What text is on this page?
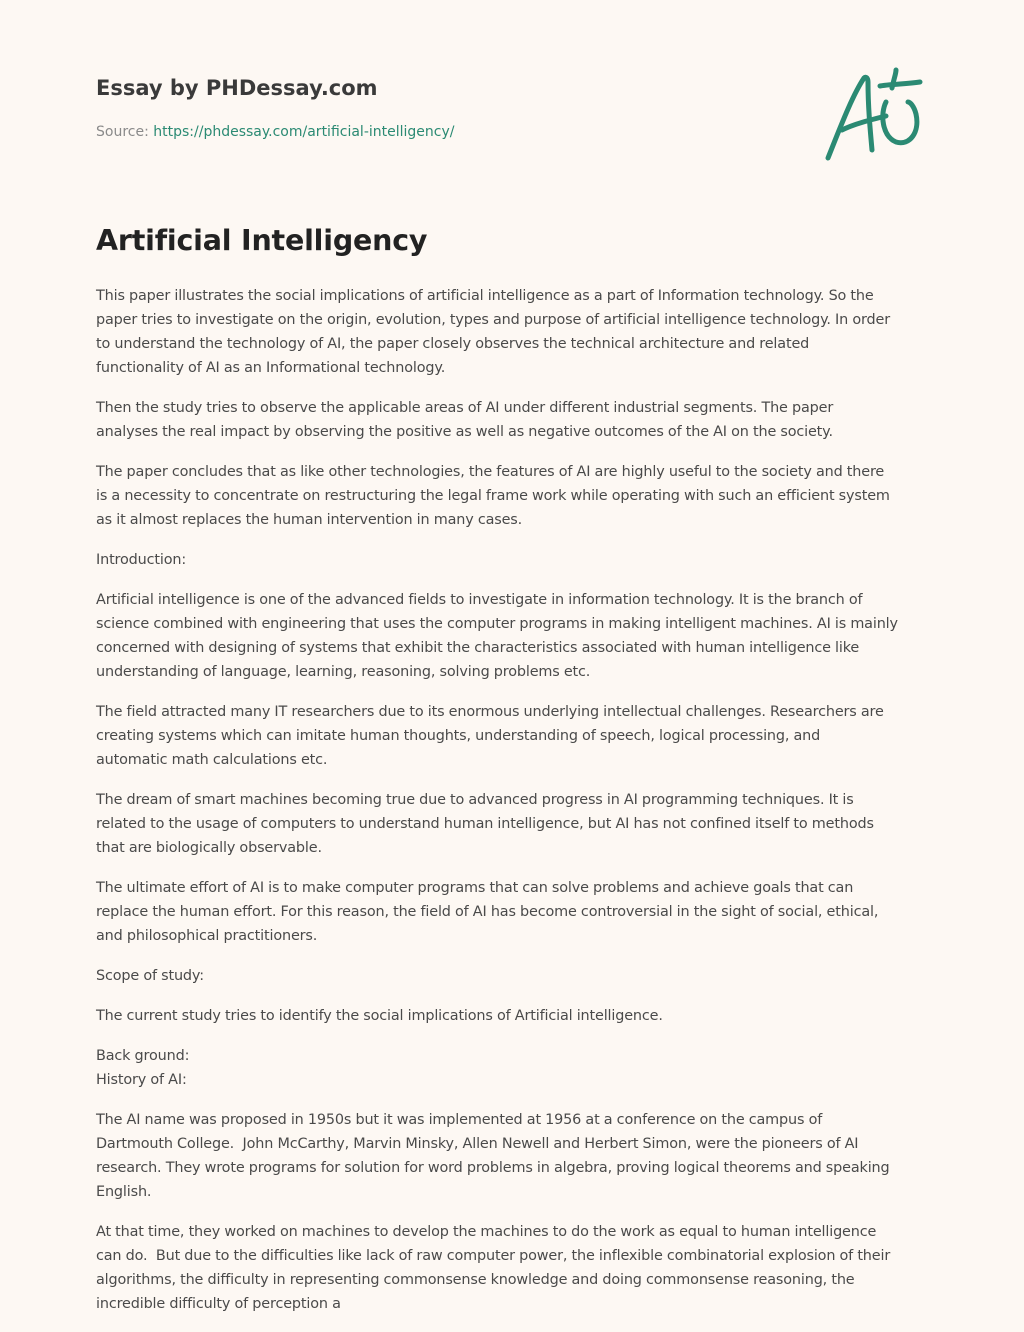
Essay by PHDessay.com
Source: https://phdessay.com/artificial-intelligency/
Artificial Intelligency

This paper illustrates the social implications of artificial intelligence as a part of Information technology. So the
paper tries to investigate on the origin, evolution, types and purpose of artificial intelligence technology. In order
to understand the technology of AI, the paper closely observes the technical architecture and related
functionality of AI as an Informational technology.

Then the study tries to observe the applicable areas of AI under different industrial segments. The paper
analyses the real impact by observing the positive as well as negative outcomes of the AI on the society.

The paper concludes that as like other technologies, the features of AI are highly useful to the society and there
is a necessity to concentrate on restructuring the legal frame work while operating with such an efficient system
as it almost replaces the human intervention in many cases.

Introduction:

Artificial intelligence is one of the advanced fields to investigate in information technology. It is the branch of
science combined with engineering that uses the computer programs in making intelligent machines. AI is mainly
concerned with designing of systems that exhibit the characteristics associated with human intelligence like
understanding of language, learning, reasoning, solving problems etc.

The field attracted many IT researchers due to its enormous underlying intellectual challenges. Researchers are
creating systems which can imitate human thoughts, understanding of speech, logical processing, and
automatic math calculations etc.

The dream of smart machines becoming true due to advanced progress in AI programming techniques. It is
related to the usage of computers to understand human intelligence, but AI has not confined itself to methods
that are biologically observable.

The ultimate effort of AI is to make computer programs that can solve problems and achieve goals that can
replace the human effort. For this reason, the field of AI has become controversial in the sight of social, ethical,
and philosophical practitioners.

Scope of study:

The current study tries to identify the social implications of Artificial intelligence.

Back ground:
History of AI:

The AI name was proposed in 1950s but it was implemented at 1956 at a conference on the campus of
Dartmouth College.  John McCarthy, Marvin Minsky, Allen Newell and Herbert Simon, were the pioneers of AI
research. They wrote programs for solution for word problems in algebra, proving logical theorems and speaking
English.

At that time, they worked on machines to develop the machines to do the work as equal to human intelligence
can do.  But due to the difficulties like lack of raw computer power, the inflexible combinatorial explosion of their
algorithms, the difficulty in representing commonsense knowledge and doing commonsense reasoning, the
incredible difficulty of perception a
